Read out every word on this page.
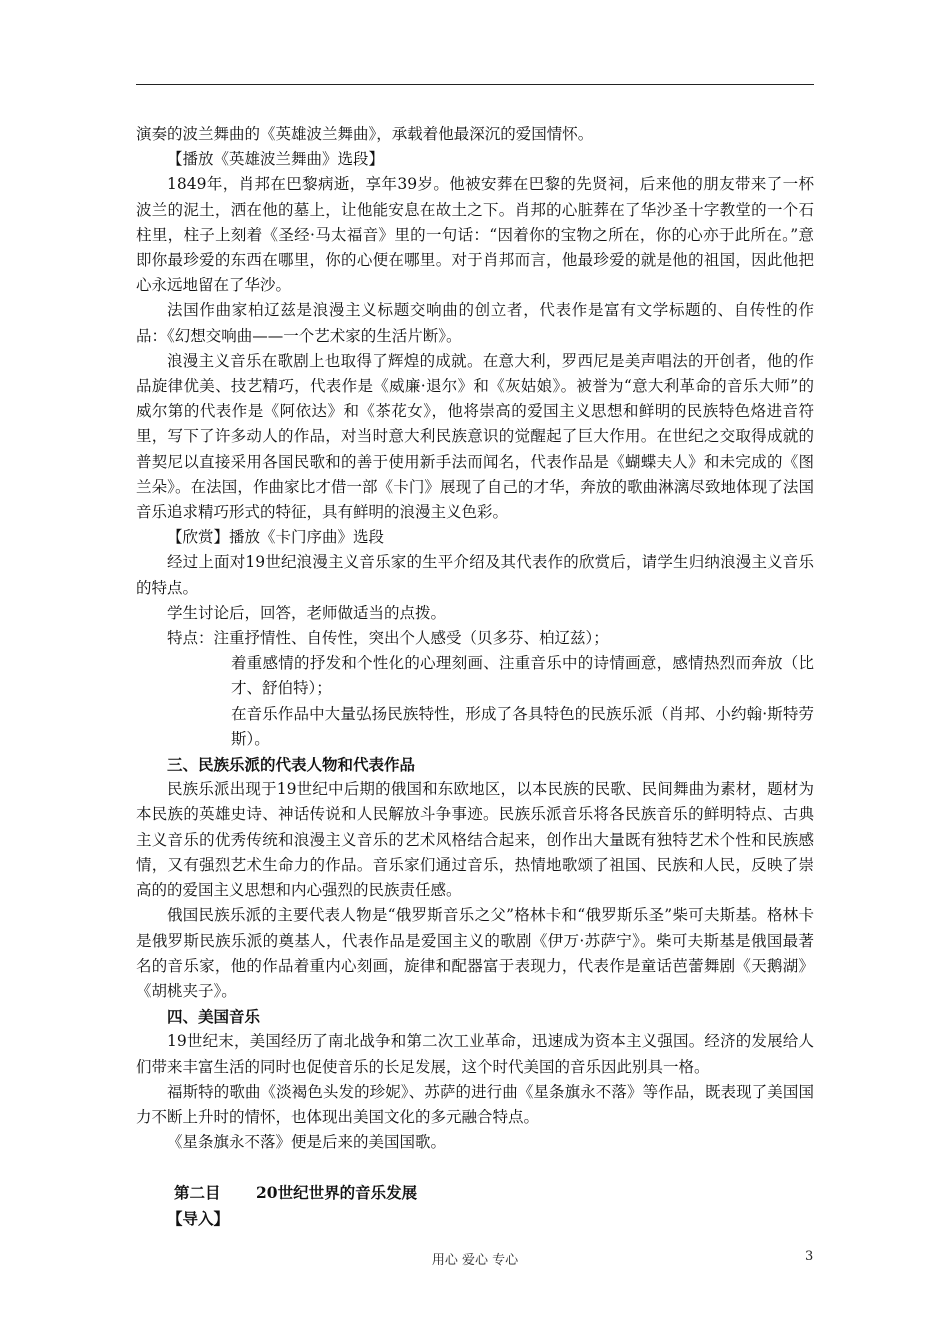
演奏的波兰舞曲的《英雄波兰舞曲》，承载着他最深沉的爱国情怀。

【播放《英雄波兰舞曲》选段】

1849年，肖邦在巴黎病逝，享年39岁。他被安葬在巴黎的先贤祠，后来他的朋友带来了一杯波兰的泥土，洒在他的墓上，让他能安息在故土之下。肖邦的心脏葬在了华沙圣十字教堂的一个石柱里，柱子上刻着《圣经·马太福音》里的一句话：“因着你的宝物之所在，你的心亦于此所在。”意即你最珍爱的东西在哪里，你的心便在哪里。对于肖邦而言，他最珍爱的就是他的祖国，因此他把心永远地留在了华沙。

法国作曲家柏辽兹是浪漫主义标题交响曲的创立者，代表作是富有文学标题的、自传性的作品：《幻想交响曲——一个艺术家的生活片断》。

浪漫主义音乐在歌剧上也取得了辉煌的成就。在意大利，罗西尼是美声唱法的开创者，他的作品旋律优美、技艺精巧，代表作是《威廉·退尔》和《灰姑娘》。被誉为“意大利革命的音乐大师”的威尔第的代表作是《阿依达》和《茶花女》，他将崇高的爱国主义思想和鲜明的民族特色烙进音符里，写下了许多动人的作品，对当时意大利民族意识的觉醒起了巨大作用。在世纪之交取得成就的普契尼以直接采用各国民歌和的善于使用新手法而闻名，代表作品是《蝴蝶夫人》和未完成的《图兰朵》。在法国，作曲家比才借一部《卡门》展现了自己的才华，奔放的歌曲淋漓尽致地体现了法国音乐追求精巧形式的特征，具有鲜明的浪漫主义色彩。

【欣赏】播放《卡门序曲》选段

经过上面对19世纪浪漫主义音乐家的生平介绍及其代表作的欣赏后，请学生归纳浪漫主义音乐的特点。

学生讨论后，回答，老师做适当的点拨。

特点：注重抒情性、自传性，突出个人感受（贝多芬、柏辽兹）；

着重感情的抒发和个性化的心理刻画、注重音乐中的诗情画意，感情热烈而奔放（比才、舒伯特）；

在音乐作品中大量弘扬民族特性，形成了各具特色的民族乐派（肖邦、小约翰·斯特劳斯）。

三、民族乐派的代表人物和代表作品

民族乐派出现于19世纪中后期的俄国和东欧地区，以本民族的民歌、民间舞曲为素材，题材为本民族的英雄史诗、神话传说和人民解放斗争事迹。民族乐派音乐将各民族音乐的鲜明特点、古典主义音乐的优秀传统和浪漫主义音乐的艺术风格结合起来，创作出大量既有独特艺术个性和民族感情，又有强烈艺术生命力的作品。音乐家们通过音乐，热情地歌颂了祖国、民族和人民，反映了崇高的的爱国主义思想和内心强烈的民族责任感。

俄国民族乐派的主要代表人物是“俄罗斯音乐之父”格林卡和“俄罗斯乐圣”柴可夫斯基。格林卡是俄罗斯民族乐派的奠基人，代表作品是爱国主义的歌剧《伊万·苏萨宁》。柴可夫斯基是俄国最著名的音乐家，他的作品着重内心刻画，旋律和配器富于表现力，代表作是童话芭蕾舞剧《天鹅湖》《胡桃夹子》。

四、美国音乐

19世纪末，美国经历了南北战争和第二次工业革命，迅速成为资本主义强国。经济的发展给人们带来丰富生活的同时也促使音乐的长足发展，这个时代美国的音乐因此别具一格。

福斯特的歌曲《淡褐色头发的珍妮》、苏萨的进行曲《星条旗永不落》等作品，既表现了美国国力不断上升时的情怀，也体现出美国文化的多元融合特点。

《星条旗永不落》便是后来的美国国歌。

第二目 20世纪世界的音乐发展

【导入】

用心 爱心 专心	3
